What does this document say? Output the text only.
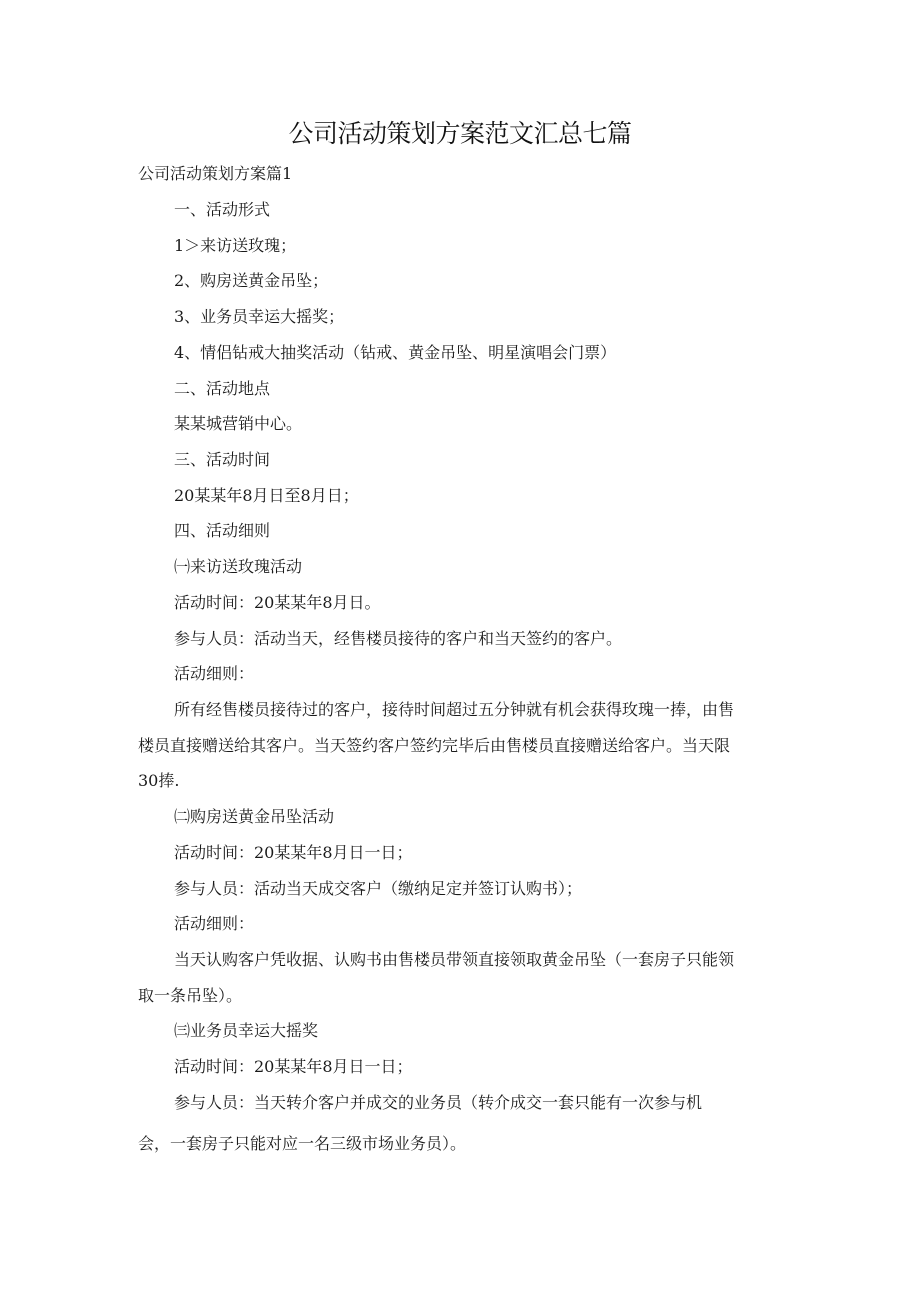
公司活动策划方案范文汇总七篇
公司活动策划方案篇1
一、活动形式
1＞来访送玫瑰；
2、购房送黄金吊坠；
3、业务员幸运大摇奖；
4、情侣钻戒大抽奖活动（钻戒、黄金吊坠、明星演唱会门票）
二、活动地点
某某城营销中心。
三、活动时间
20某某年8月日至8月日；
四、活动细则
㈠来访送玫瑰活动
活动时间：20某某年8月日。
参与人员：活动当天，经售楼员接待的客户和当天签约的客户。
活动细则：
所有经售楼员接待过的客户，接待时间超过五分钟就有机会获得玫瑰一捧，由售
楼员直接赠送给其客户。当天签约客户签约完毕后由售楼员直接赠送给客户。当天限
30捧.
㈡购房送黄金吊坠活动
活动时间：20某某年8月日一日；
参与人员：活动当天成交客户（缴纳足定并签订认购书）；
活动细则：
当天认购客户凭收据、认购书由售楼员带领直接领取黄金吊坠（一套房子只能领
取一条吊坠）。
㈢业务员幸运大摇奖
活动时间：20某某年8月日一日；
参与人员：当天转介客户并成交的业务员（转介成交一套只能有一次参与机
会，一套房子只能对应一名三级市场业务员）。
